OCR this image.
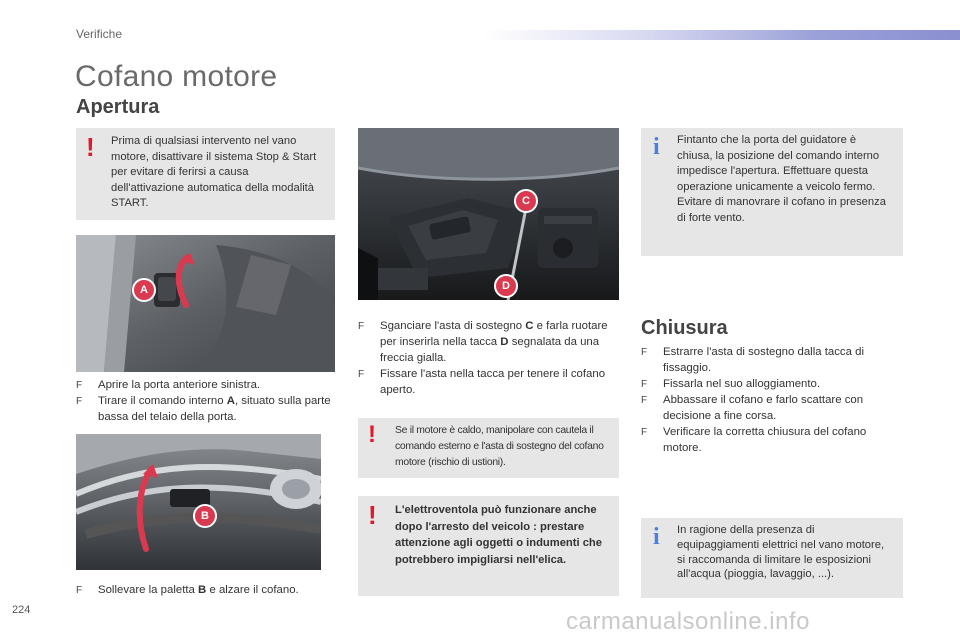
Verifiche
Cofano motore
Apertura
! Prima di qualsiasi intervento nel vano motore, disattivare il sistema Stop & Start per evitare di ferirsi a causa dell'attivazione automatica della modalità START.
A
F Aprire la porta anteriore sinistra.
F Tirare il comando interno A, situato sulla parte bassa del telaio della porta.
B
F Sollevare la paletta B e alzare il cofano.
C
D
F Sganciare l'asta di sostegno C e farla ruotare per inserirla nella tacca D segnalata da una freccia gialla.
F Fissare l'asta nella tacca per tenere il cofano aperto.
! Se il motore è caldo, manipolare con cautela il comando esterno e l'asta di sostegno del cofano motore (rischio di ustioni).
! L'elettroventola può funzionare anche dopo l'arresto del veicolo : prestare attenzione agli oggetti o indumenti che potrebbero impigliarsi nell'elica.
i Fintanto che la porta del guidatore è chiusa, la posizione del comando interno impedisce l'apertura. Effettuare questa operazione unicamente a veicolo fermo. Evitare di manovrare il cofano in presenza di forte vento.
Chiusura
F Estrarre l'asta di sostegno dalla tacca di fissaggio.
F Fissarla nel suo alloggiamento.
F Abbassare il cofano e farlo scattare con decisione a fine corsa.
F Verificare la corretta chiusura del cofano motore.
i In ragione della presenza di equipaggiamenti elettrici nel vano motore, si raccomanda di limitare le esposizioni all'acqua (pioggia, lavaggio, ...).
224	carmanualsonline.info
